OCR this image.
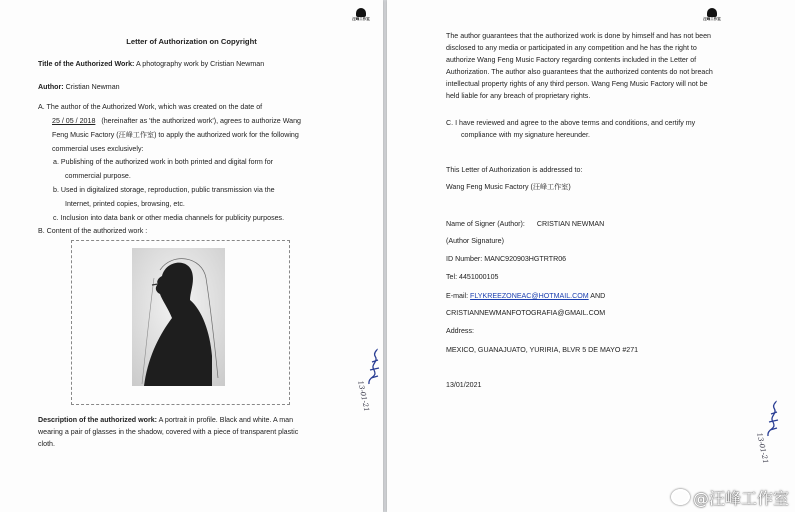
汪峰工作室
Letter of Authorization on Copyright
Title of the Authorized Work: A photography work by Cristian Newman
Author: Cristian Newman
A. The author of the Authorized Work, which was created on the date of
25 / 05 / 2018 (hereinafter as 'the authorized work'), agrees to authorize Wang
Feng Music Factory (汪峰工作室) to apply the authorized work for the following
commercial uses exclusively:
a. Publishing of the authorized work in both printed and digital form for
commercial purpose.
b. Used in digitalized storage, reproduction, public transmission via the
Internet, printed copies, browsing, etc.
c. Inclusion into data bank or other media channels for publicity purposes.
B. Content of the authorized work :
13-01-21
Description of the authorized work: A portrait in profile. Black and white. A man
wearing a pair of glasses in the shadow, covered with a piece of transparent plastic
cloth.
汪峰工作室
The author guarantees that the authorized work is done by himself and has not been
disclosed to any media or participated in any competition and he has the right to
authorize Wang Feng Music Factory regarding contents included in the Letter of
Authorization. The author also guarantees that the authorized contents do not breach
intellectual property rights of any third person. Wang Feng Music Factory will not be
held liable for any breach of proprietary rights.
C. I have reviewed and agree to the above terms and conditions, and certify my
compliance with my signature hereunder.
This Letter of Authorization is addressed to:
Wang Feng Music Factory (汪峰工作室)
Name of Signer (Author): CRISTIAN NEWMAN
(Author Signature)
ID Number: MANC920903HGTRTR06
Tel: 4451000105
E-mail: FLYKREEZONEAC@HOTMAIL.COM AND
CRISTIANNEWMANFOTOGRAFIA@GMAIL.COM
Address:
MEXICO, GUANAJUATO, YURIRIA, BLVR 5 DE MAYO #271
13/01/2021
13-01-21
@汪峰工作室
